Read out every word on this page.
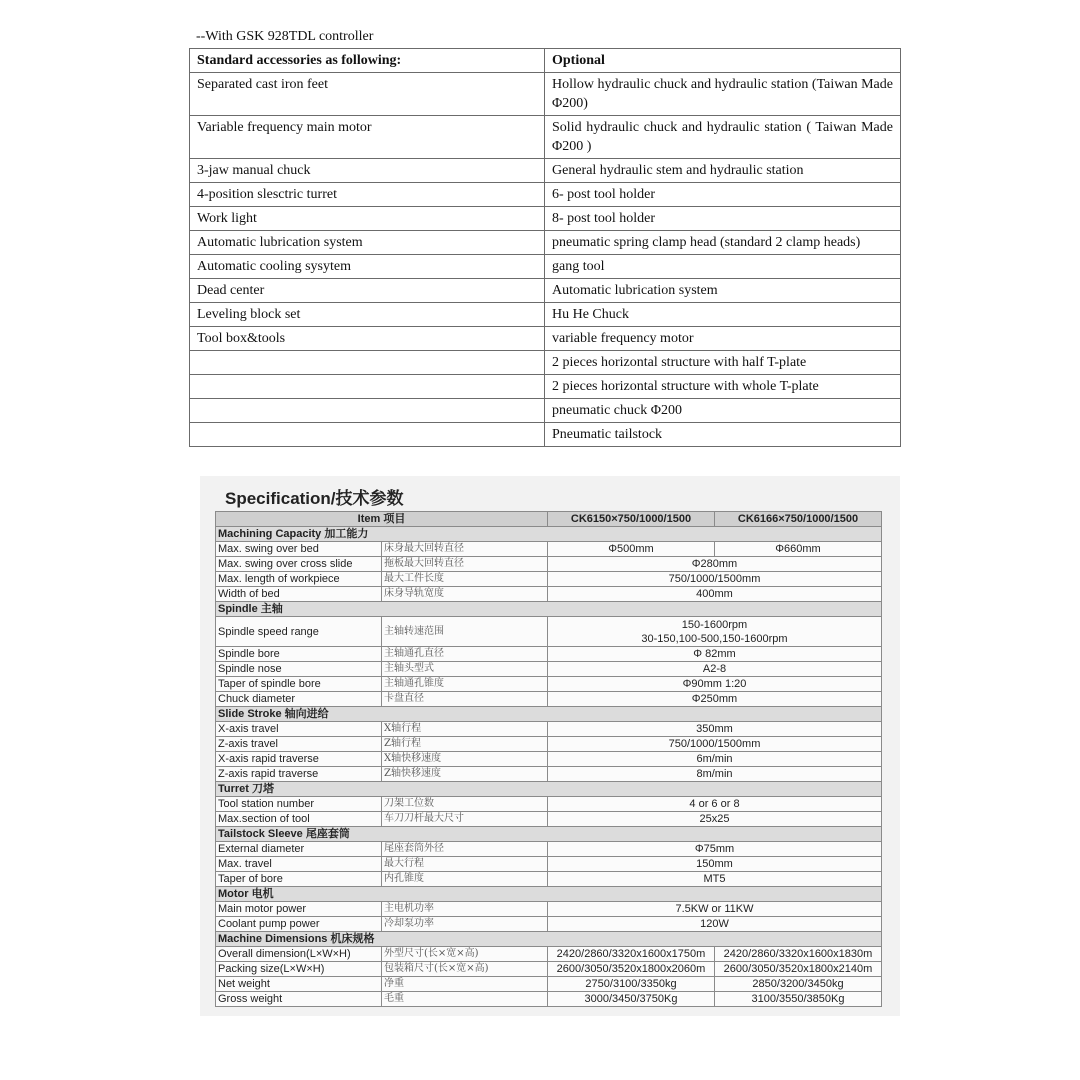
--With GSK 928TDL controller
Standard accessories as following:	Optional
Separated cast iron feet	Hollow hydraulic chuck and hydraulic station (Taiwan Made Φ200)
Variable frequency main motor	Solid hydraulic chuck and hydraulic station ( Taiwan Made Φ200 )
3-jaw manual chuck	General hydraulic stem and hydraulic station
4-position slesctric turret	6- post tool holder
Work light	8- post tool holder
Automatic lubrication system	pneumatic spring clamp head (standard 2 clamp heads)
Automatic cooling sysytem	gang tool
Dead center	Automatic lubrication system
Leveling block set	Hu He Chuck
Tool box&tools	variable frequency motor
	2 pieces horizontal structure with half T-plate
	2 pieces horizontal structure with whole T-plate
	pneumatic chuck Φ200
	Pneumatic tailstock
Specification/技术参数
Item 项目		CK6150×750/1000/1500	CK6166×750/1000/1500
Machining Capacity 加工能力			
Max. swing over bed	床身最大回转直径	Φ500mm	Φ660mm
Max. swing over cross slide	拖板最大回转直径	Φ280mm	

Max. length of workpiece	最大工件长度	750/1000/1500mm	

Width of bed	床身导轨宽度	400mm	

Spindle 主轴			
Spindle speed range	主轴转速范围	150-1600rpm
30-150,100-500,150-1600rpm	

Spindle bore	主轴通孔直径	Φ 82mm	

Spindle nose	主轴头型式	A2-8	

Taper of spindle bore	主轴通孔锥度	Φ90mm 1:20	

Chuck diameter	卡盘直径	Φ250mm	

Slide Stroke 轴向进给			
X-axis travel	X轴行程	350mm	

Z-axis travel	Z轴行程	750/1000/1500mm	

X-axis rapid traverse	X轴快移速度	6m/min	

Z-axis rapid traverse	Z轴快移速度	8m/min	

Turret 刀塔			
Tool station number	刀架工位数	4 or 6 or 8	

Max.section of tool	车刀刀杆最大尺寸	25x25	

Tailstock Sleeve 尾座套筒			
External diameter	尾座套筒外径	Φ75mm	

Max. travel	最大行程	150mm	

Taper of bore	内孔锥度	MT5	

Motor 电机			
Main motor power	主电机功率	7.5KW or 11KW	

Coolant pump power	冷却泵功率	120W	

Machine Dimensions 机床规格			
Overall dimension(L×W×H)	外型尺寸(长×宽×高)	2420/2860/3320x1600x1750m	2420/2860/3320x1600x1830m
Packing size(L×W×H)	包装箱尺寸(长×宽×高)	2600/3050/3520x1800x2060m	2600/3050/3520x1800x2140m
Net weight	净重	2750/3100/3350kg	2850/3200/3450kg
Gross weight	毛重	3000/3450/3750Kg	3100/3550/3850Kg
